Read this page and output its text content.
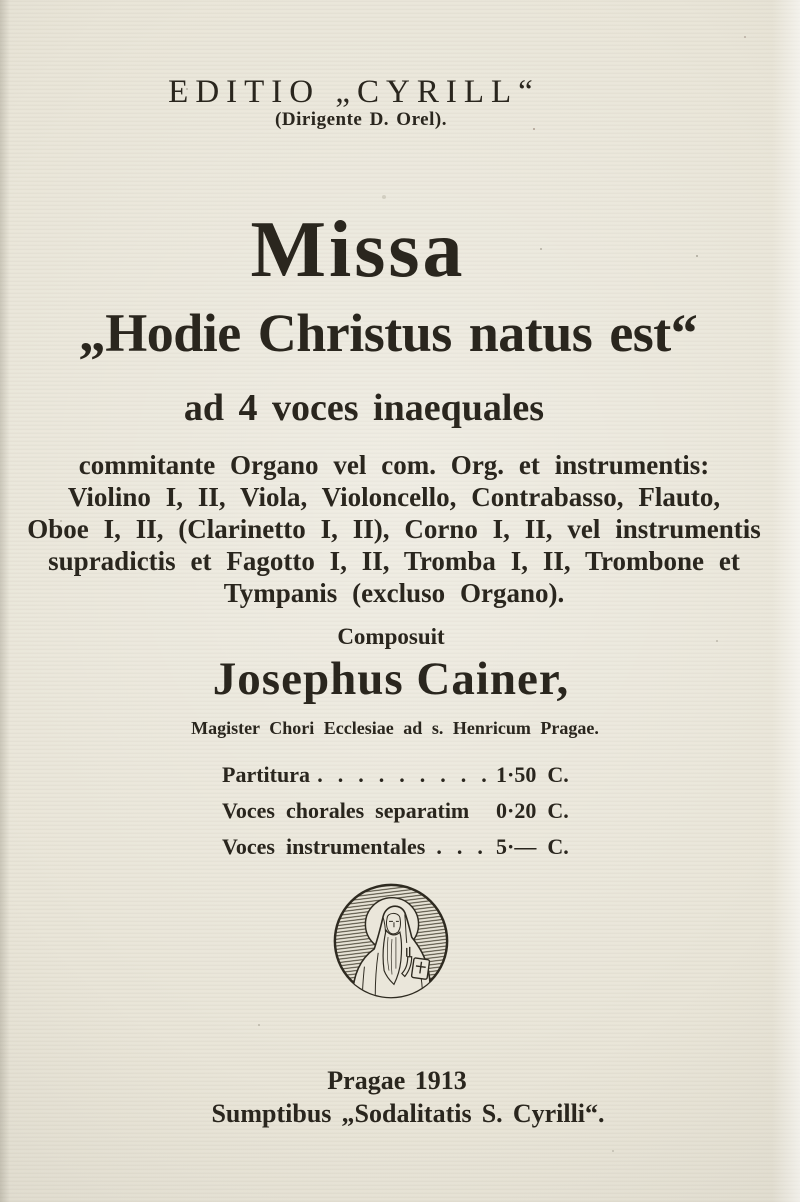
EDITIO „CYRILL“
(Dirigente D. Orel).
Missa
„Hodie Christus natus est“
ad 4 voces inaequales
commitante Organo vel com. Org. et instrumentis:
Violino I, II, Viola, Violoncello, Contrabasso, Flauto,
Oboe I, II, (Clarinetto I, II), Corno I, II, vel instrumentis
supradictis et Fagotto I, II, Tromba I, II, Trombone et
Tympanis (excluso Organo).
Composuit
Josephus Cainer,
Magister Chori Ecclesiae ad s. Henricum Pragae.
Partitura . . . . . . . . . 1·50 C.
Voces chorales separatim 0·20 C.
Voces instrumentales . . . 5·— C.
Pragae 1913
Sumptibus „Sodalitatis S. Cyrilli“.
